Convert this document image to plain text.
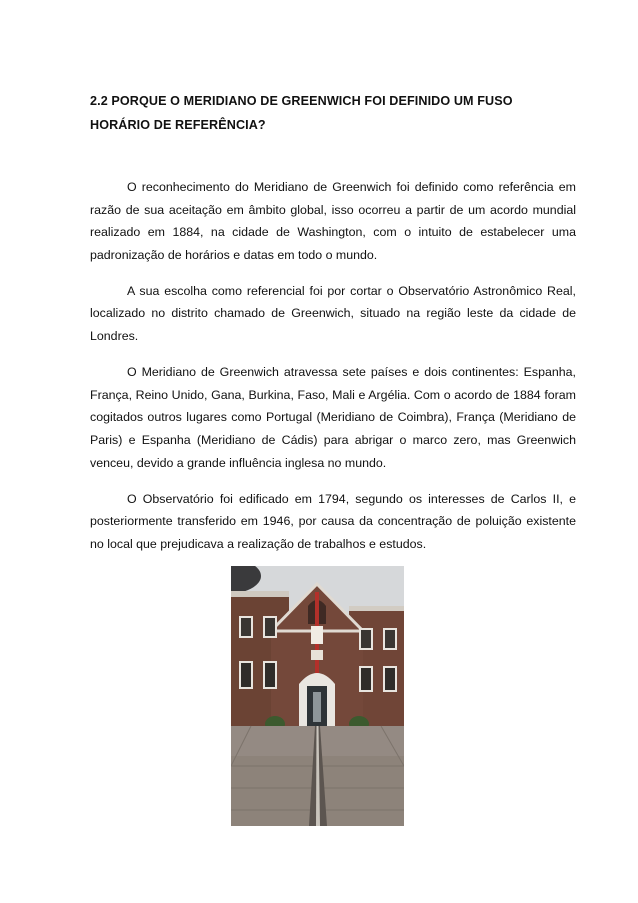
2.2 PORQUE O MERIDIANO DE GREENWICH FOI DEFINIDO UM FUSO HORÁRIO DE REFERÊNCIA?

O reconhecimento do Meridiano de Greenwich foi definido como referência em razão de sua aceitação em âmbito global, isso ocorreu a partir de um acordo mundial realizado em 1884, na cidade de Washington, com o intuito de estabelecer uma padronização de horários e datas em todo o mundo.

A sua escolha como referencial foi por cortar o Observatório Astronômico Real, localizado no distrito chamado de Greenwich, situado na região leste da cidade de Londres.

O Meridiano de Greenwich atravessa sete países e dois continentes: Espanha, França, Reino Unido, Gana, Burkina, Faso, Mali e Argélia. Com o acordo de 1884 foram cogitados outros lugares como Portugal (Meridiano de Coimbra), França (Meridiano de Paris) e Espanha (Meridiano de Cádis) para abrigar o marco zero, mas Greenwich venceu, devido a grande influência inglesa no mundo.

O Observatório foi edificado em 1794, segundo os interesses de Carlos II, e posteriormente transferido em 1946, por causa da concentração de poluição existente no local que prejudicava a realização de trabalhos e estudos.
